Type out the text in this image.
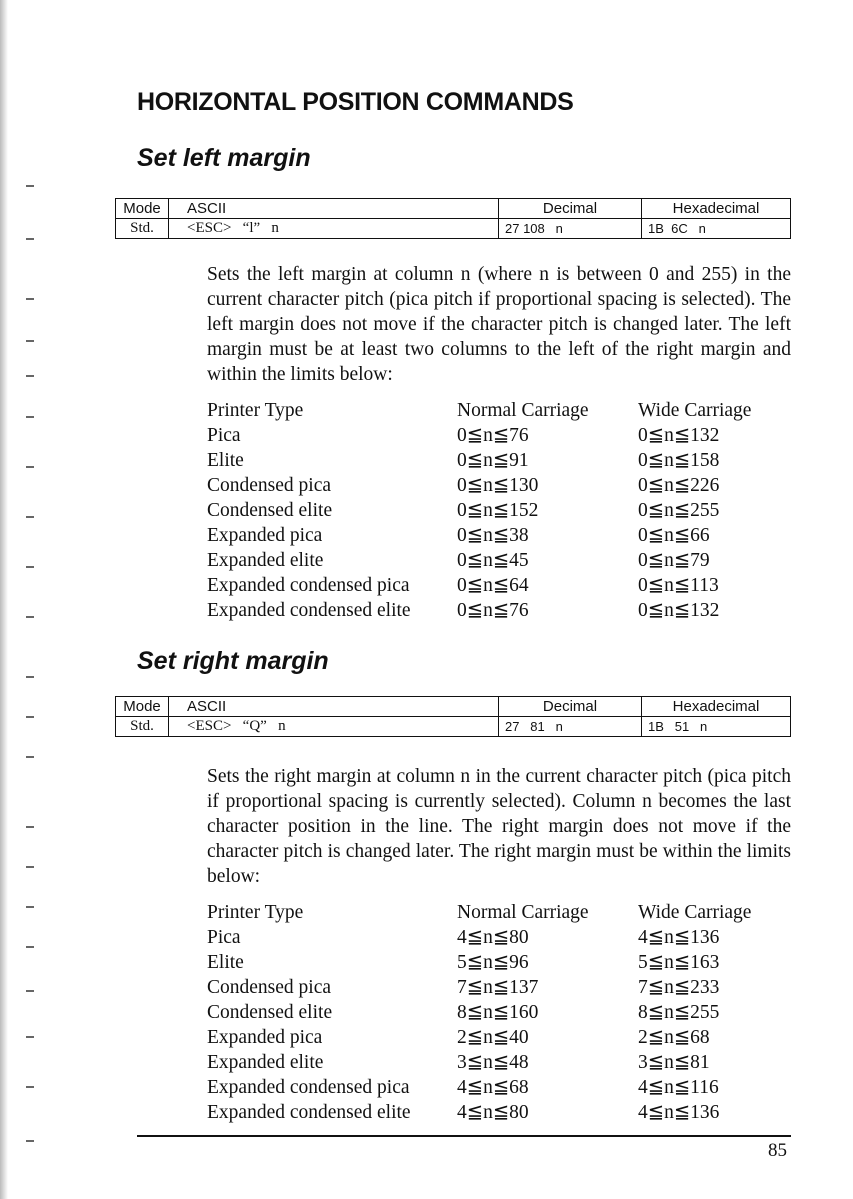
HORIZONTAL POSITION COMMANDS
Set left margin
Mode	ASCII	Decimal	Hexadecimal
Std.	<ESC>   “l”   n	27 108   n	1B  6C   n
Sets the left margin at column n (where n is between 0 and 255) in the current character pitch (pica pitch if proportional spacing is selected). The left margin does not move if the character pitch is changed later. The left margin must be at least two columns to the left of the right margin and within the limits below:
Printer Type	Normal Carriage	Wide Carriage
Pica	0≦n≦76	0≦n≦132
Elite	0≦n≦91	0≦n≦158
Condensed pica	0≦n≦130	0≦n≦226
Condensed elite	0≦n≦152	0≦n≦255
Expanded pica	0≦n≦38	0≦n≦66
Expanded elite	0≦n≦45	0≦n≦79
Expanded condensed pica	0≦n≦64	0≦n≦113
Expanded condensed elite	0≦n≦76	0≦n≦132
Set right margin
Mode	ASCII	Decimal	Hexadecimal
Std.	<ESC>   “Q”   n	27   81   n	1B   51   n
Sets the right margin at column n in the current character pitch (pica pitch if proportional spacing is currently selected). Column n becomes the last character position in the line. The right margin does not move if the character pitch is changed later. The right margin must be within the limits below:
Printer Type	Normal Carriage	Wide Carriage
Pica	4≦n≦80	4≦n≦136
Elite	5≦n≦96	5≦n≦163
Condensed pica	7≦n≦137	7≦n≦233
Condensed elite	8≦n≦160	8≦n≦255
Expanded pica	2≦n≦40	2≦n≦68
Expanded elite	3≦n≦48	3≦n≦81
Expanded condensed pica	4≦n≦68	4≦n≦116
Expanded condensed elite	4≦n≦80	4≦n≦136
85
